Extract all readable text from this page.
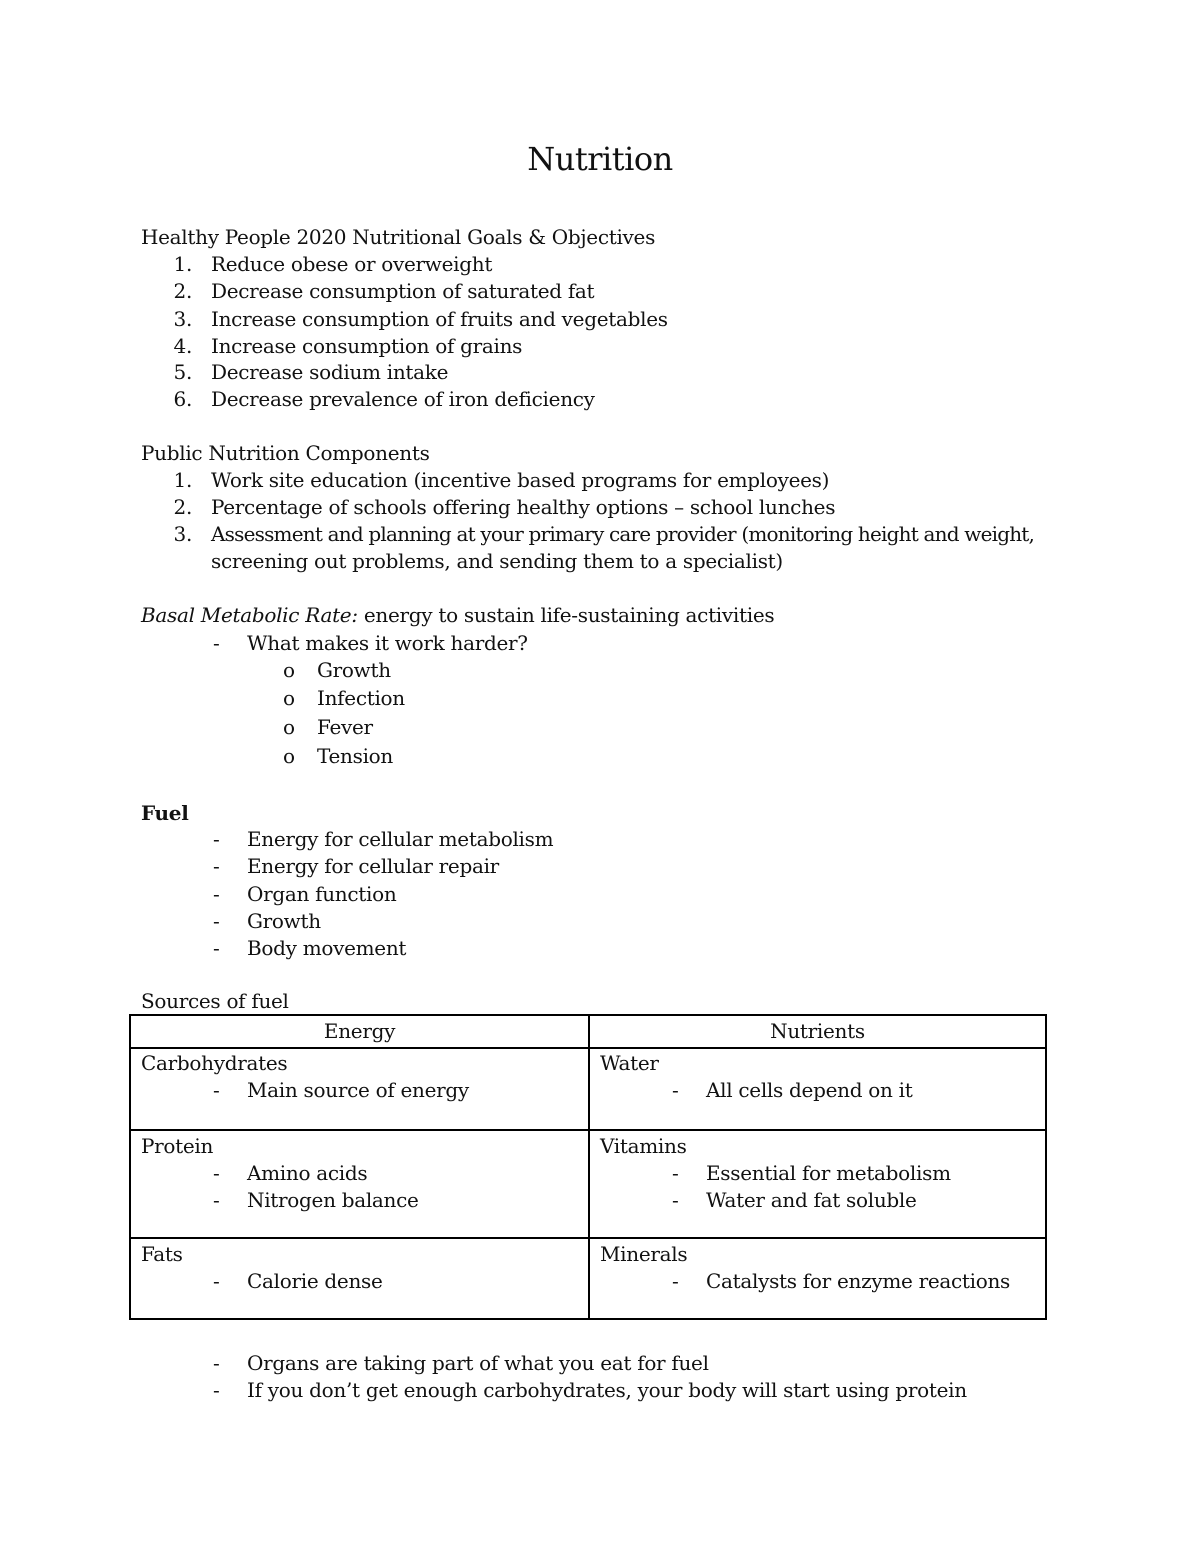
Nutrition
Healthy People 2020 Nutritional Goals & Objectives
1. Reduce obese or overweight
2. Decrease consumption of saturated fat
3. Increase consumption of fruits and vegetables
4. Increase consumption of grains
5. Decrease sodium intake
6. Decrease prevalence of iron deficiency
Public Nutrition Components
1. Work site education (incentive based programs for employees)
2. Percentage of schools offering healthy options – school lunches
3. Assessment and planning at your primary care provider (monitoring height and weight,
screening out problems, and sending them to a specialist)
Basal Metabolic Rate: energy to sustain life-sustaining activities
- What makes it work harder?
o Growth
o Infection
o Fever
o Tension
Fuel
- Energy for cellular metabolism
- Energy for cellular repair
- Organ function
- Growth
- Body movement
Sources of fuel
Energy	Nutrients
Carbohydrates
- Main source of energy
Water
- All cells depend on it
Protein
- Amino acids
- Nitrogen balance
Vitamins
- Essential for metabolism
- Water and fat soluble
Fats
- Calorie dense
Minerals
- Catalysts for enzyme reactions
- Organs are taking part of what you eat for fuel
- If you don’t get enough carbohydrates, your body will start using protein
